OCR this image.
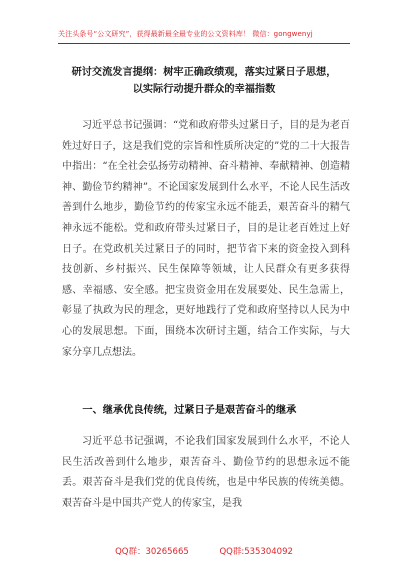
关注头条号“公文研究”，获得最新最全最专业的公文资料库！ 微信：gongwenyj
研讨交流发言提纲：树牢正确政绩观，落实过紧日子思想，
以实际行动提升群众的幸福指数

习近平总书记强调：“党和政府带头过紧日子，目的是为老百姓过好日子，这是我们党的宗旨和性质所决定的”党的二十大报告中指出：“在全社会弘扬劳动精神、奋斗精神、奉献精神、创造精神、勤俭节约精神”。不论国家发展到什么水平，不论人民生活改善到什么地步，勤俭节约的传家宝永远不能丢，艰苦奋斗的精气神永远不能松。党和政府带头过紧日子，目的是让老百姓过上好日子。在党政机关过紧日子的同时，把节省下来的资金投入到科技创新、乡村振兴、民生保障等领域，让人民群众有更多获得感、幸福感、安全感。把宝贵资金用在发展要处、民生急需上，彰显了执政为民的理念，更好地践行了党和政府坚持以人民为中心的发展思想。下面，围绕本次研讨主题，结合工作实际，与大家分享几点想法。

一、继承优良传统，过紧日子是艰苦奋斗的继承

习近平总书记强调，不论我们国家发展到什么水平，不论人民生活改善到什么地步，艰苦奋斗、勤俭节约的思想永远不能丢。艰苦奋斗是我们党的优良传统，也是中华民族的传统美德。艰苦奋斗是中国共产党人的传家宝，是我

QQ群：30265665	QQ群:535304092
